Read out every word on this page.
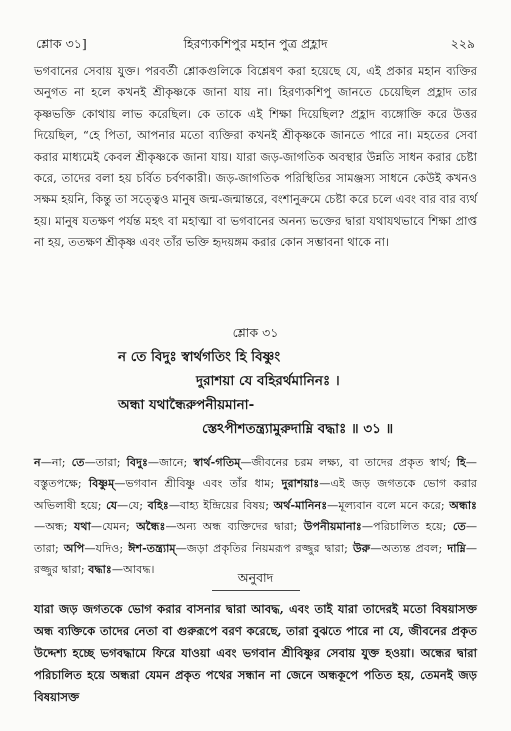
শ্লোক ৩১]	হিরণ্যকশিপুর মহান পুত্র প্রহ্লাদ	২২৯
ভগবানের সেবায় যুক্ত। পরবর্তী শ্লোকগুলিকে বিশ্লেষণ করা হয়েছে যে, এই প্রকার মহান ব্যক্তির অনুগত না হলে কখনই শ্রীকৃষ্ণকে জানা যায় না। হিরণ্যকশিপু জানতে চেয়েছিল প্রহ্লাদ তার কৃষ্ণভক্তি কোথায় লাভ করেছিল। কে তাকে এই শিক্ষা দিয়েছিল? প্রহ্লাদ ব্যঙ্গোক্তি করে উত্তর দিয়েছিল, “হে পিতা, আপনার মতো ব্যক্তিরা কখনই শ্রীকৃষ্ণকে জানতে পারে না। মহতের সেবা করার মাধ্যমেই কেবল শ্রীকৃষ্ণকে জানা যায়। যারা জড়-জাগতিক অবস্থার উন্নতি সাধন করার চেষ্টা করে, তাদের বলা হয় চর্বিত চর্বণকারী। জড়-জাগতিক পরিস্থিতির সামঞ্জস্য সাধনে কেউই কখনও সক্ষম হয়নি, কিন্তু তা সত্ত্বেও মানুষ জন্ম-জন্মান্তরে, বংশানুক্রমে চেষ্টা করে চলে এবং বার বার ব্যর্থ হয়। মানুষ যতক্ষণ পর্যন্ত মহৎ বা মহাত্মা বা ভগবানের অনন্য ভক্তের দ্বারা যথাযথভাবে শিক্ষা প্রাপ্ত না হয়, ততক্ষণ শ্রীকৃষ্ণ এবং তাঁর ভক্তি হৃদয়ঙ্গম করার কোন সম্ভাবনা থাকে না।
শ্লোক ৩১
ন তে বিদুঃ স্বার্থগতিং হি বিষ্ণুং
দুরাশয়া যে বহিরর্থমানিনঃ ।
অন্ধা যথান্ধৈরুপনীয়মানা-
স্তেঽপীশতন্ত্র্যামুরুদাম্নি বদ্ধাঃ ॥ ৩১ ॥
ন—না; তে—তারা; বিদুঃ—জানে; স্বার্থ-গতিম্—জীবনের চরম লক্ষ্য, বা তাদের প্রকৃত স্বার্থ; হি—বস্তুতপক্ষে; বিষ্ণুম্—ভগবান শ্রীবিষ্ণু এবং তাঁর ধাম; দুরাশয়াঃ—এই জড় জগতকে ভোগ করার অভিলাষী হয়ে; যে—যে; বহিঃ—বাহ্য ইন্দ্রিয়ের বিষয়; অর্থ-মানিনঃ—মূল্যবান বলে মনে করে; অন্ধাঃ—অন্ধ; যথা—যেমন; অন্ধৈঃ—অন্য অন্ধ ব্যক্তিদের দ্বারা; উপনীয়মানাঃ—পরিচালিত হয়ে; তে—তারা; অপি—যদিও; ঈশ-তন্ত্র্যাম্—জড়া প্রকৃতির নিয়মরূপ রজ্জুর দ্বারা; উরু—অত্যন্ত প্রবল; দাম্নি—রজ্জুর দ্বারা; বদ্ধাঃ—আবদ্ধ।
অনুবাদ
যারা জড় জগতকে ভোগ করার বাসনার দ্বারা আবদ্ধ, এবং তাই যারা তাদেরই মতো বিষয়াসক্ত অন্ধ ব্যক্তিকে তাদের নেতা বা গুরুরূপে বরণ করেছে, তারা বুঝতে পারে না যে, জীবনের প্রকৃত উদ্দেশ্য হচ্ছে ভগবদ্ধামে ফিরে যাওয়া এবং ভগবান শ্রীবিষ্ণুর সেবায় যুক্ত হওয়া। অন্ধের দ্বারা পরিচালিত হয়ে অন্ধরা যেমন প্রকৃত পথের সন্ধান না জেনে অন্ধকূপে পতিত হয়, তেমনই জড় বিষয়াসক্ত
